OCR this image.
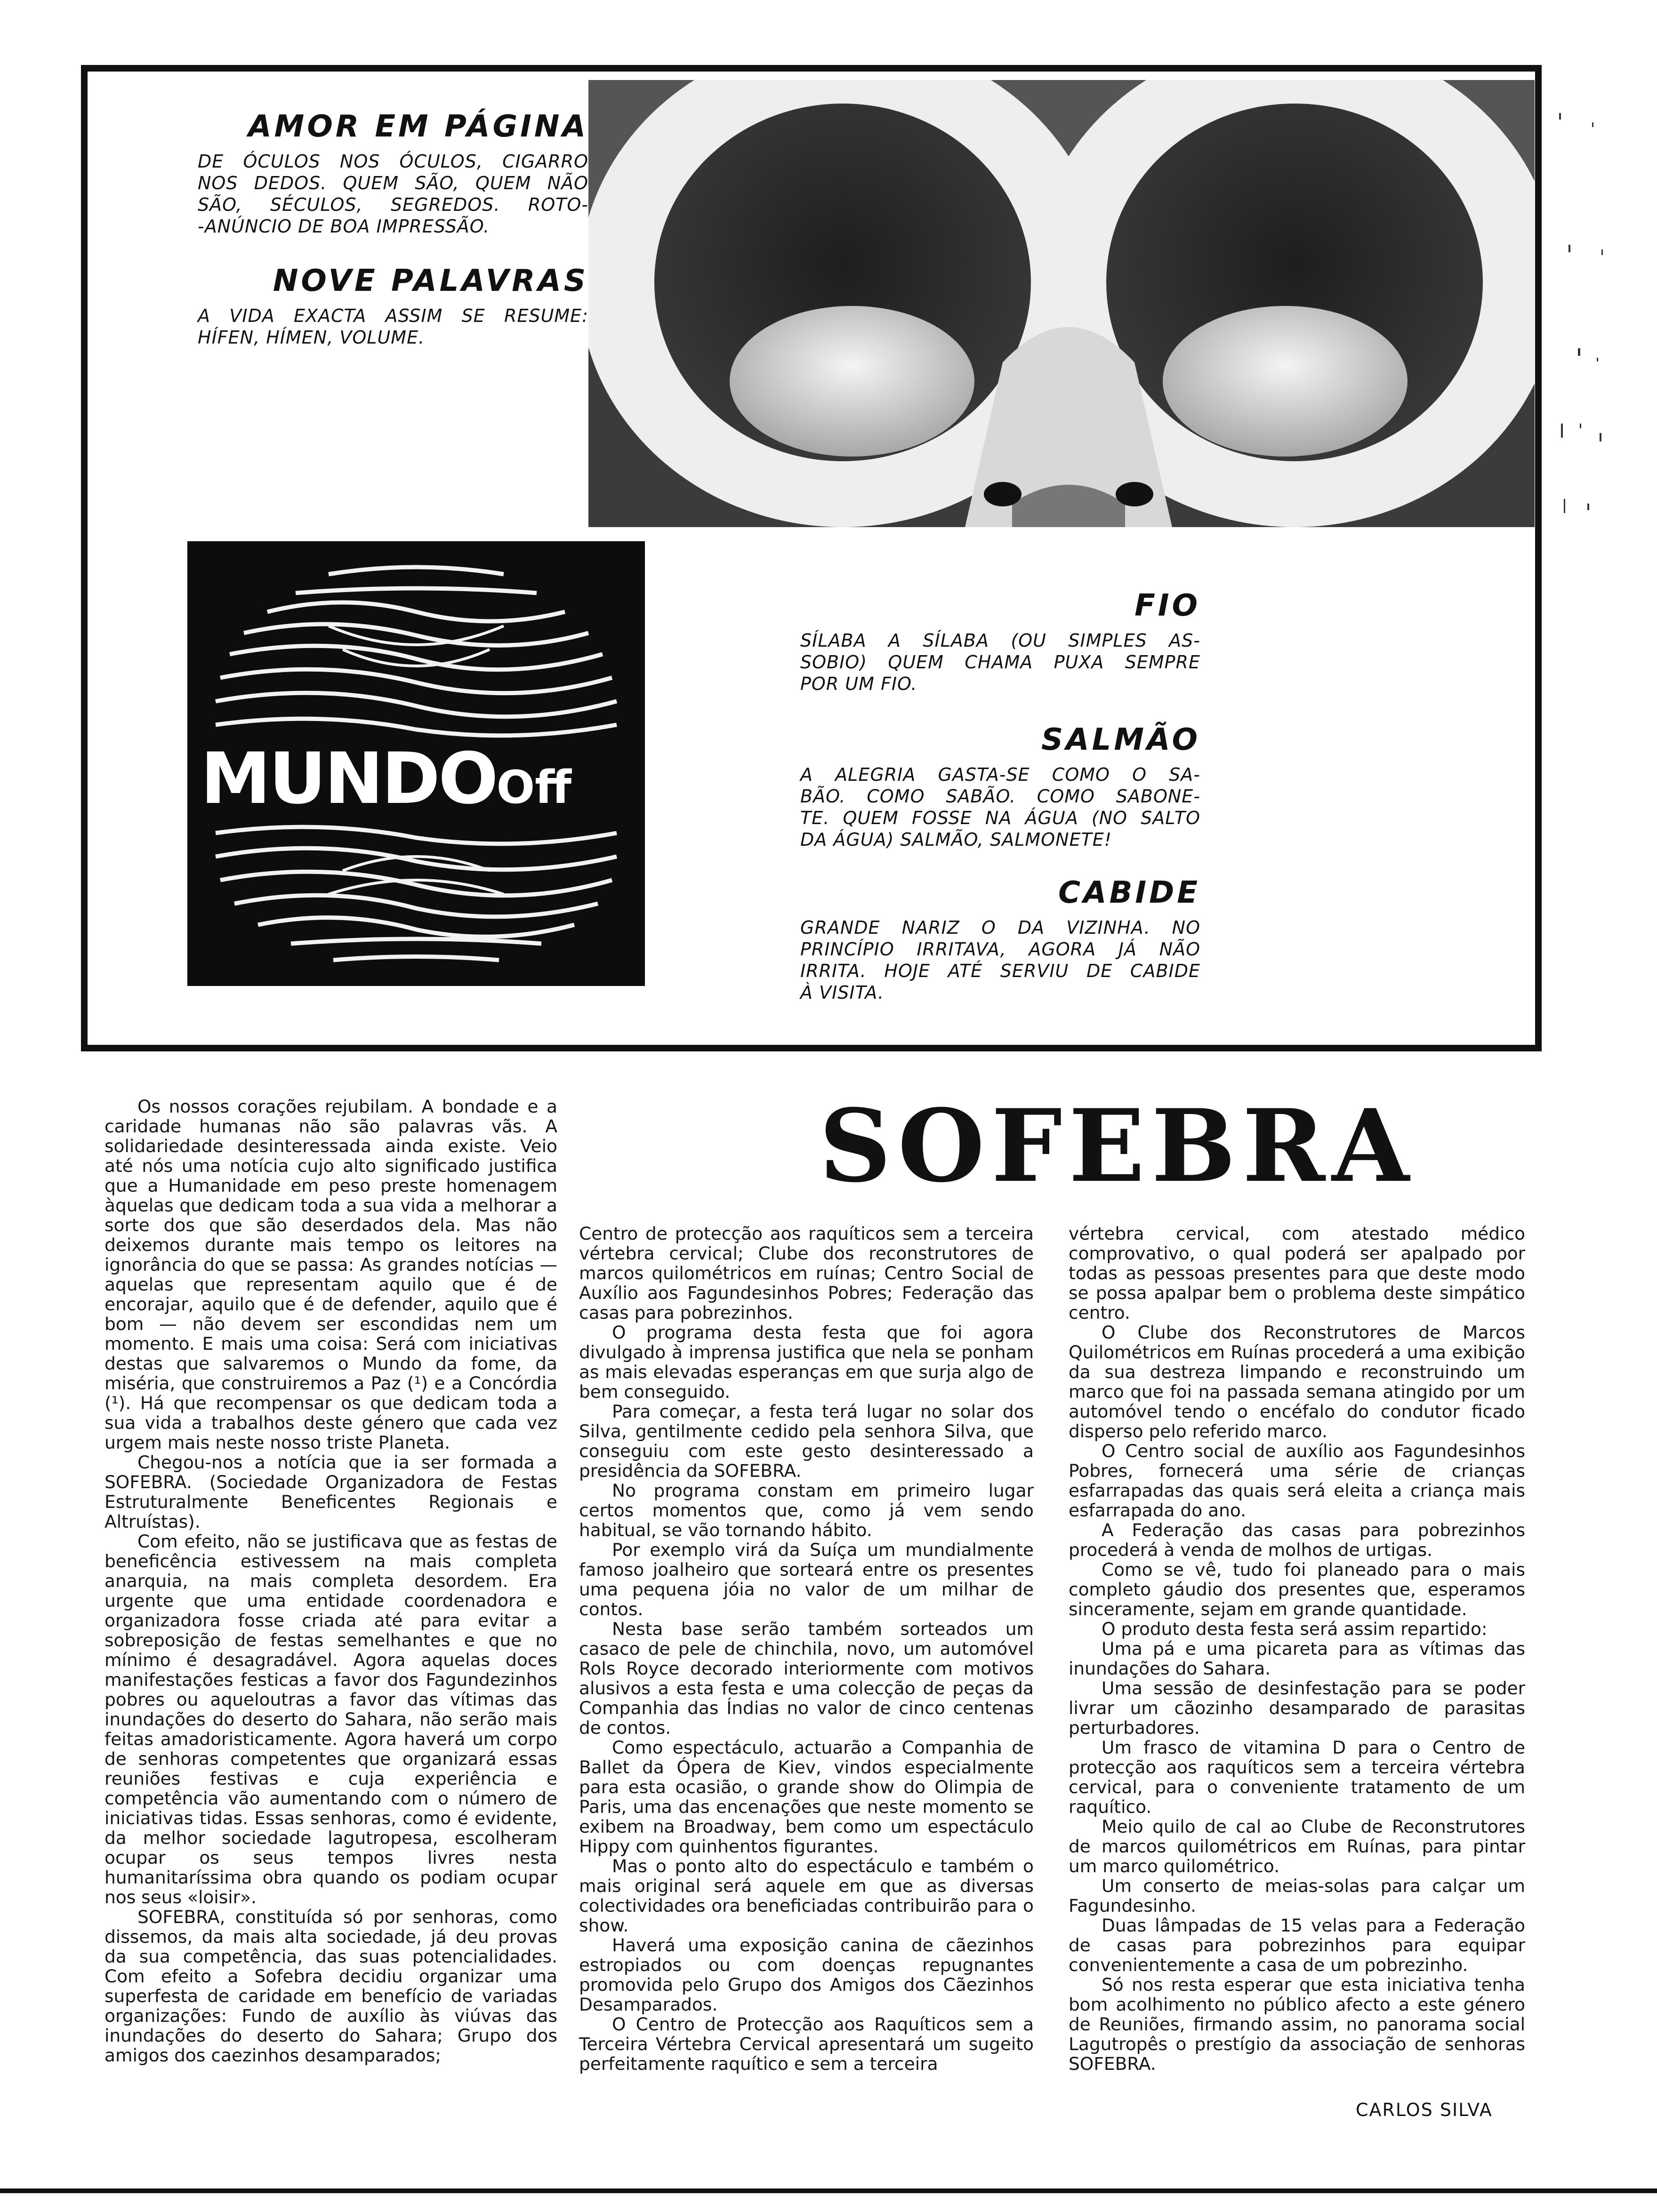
AMOR EM PÁGINA
DE ÓCULOS NOS ÓCULOS, CIGARRO
NOS DEDOS. QUEM SÃO, QUEM NÃO
SÃO, SÉCULOS, SEGREDOS. ROTO-
-ANÚNCIO DE BOA IMPRESSÃO.
NOVE PALAVRAS
A VIDA EXACTA ASSIM SE RESUME:
HÍFEN, HÍMEN, VOLUME.
MUNDOOff
FIO
SÍLABA A SÍLABA (OU SIMPLES AS-
SOBIO) QUEM CHAMA PUXA SEMPRE
POR UM FIO.
SALMÃO
A ALEGRIA GASTA-SE COMO O SA-
BÃO. COMO SABÃO. COMO SABONE-
TE. QUEM FOSSE NA ÁGUA (NO SALTO
DA ÁGUA) SALMÃO, SALMONETE!
CABIDE
GRANDE NARIZ O DA VIZINHA. NO
PRINCÍPIO IRRITAVA, AGORA JÁ NÃO
IRRITA. HOJE ATÉ SERVIU DE CABIDE
À VISITA.
SOFEBRA

Os nossos corações rejubilam. A bondade e a caridade humanas não são palavras vãs. A solidariedade desinteressada ainda existe. Veio até nós uma notícia cujo alto significado justifica que a Humanidade em peso preste homenagem àquelas que dedicam toda a sua vida a melhorar a sorte dos que são deserdados dela. Mas não deixemos durante mais tempo os leitores na ignorância do que se passa: As grandes notícias — aquelas que representam aquilo que é de encorajar, aquilo que é de defender, aquilo que é bom — não devem ser escondidas nem um momento. E mais uma coisa: Será com iniciativas destas que salvaremos o Mundo da fome, da miséria, que construiremos a Paz (¹) e a Concórdia (¹). Há que recompensar os que dedicam toda a sua vida a trabalhos deste género que cada vez urgem mais neste nosso triste Planeta.

Chegou-nos a notícia que ia ser formada a SOFEBRA. (Sociedade Organizadora de Festas Estruturalmente Beneficentes Regionais e Altruístas).

Com efeito, não se justificava que as festas de beneficência estivessem na mais completa anarquia, na mais completa desordem. Era urgente que uma entidade coordenadora e organizadora fosse criada até para evitar a sobreposição de festas semelhantes e que no mínimo é desagradável. Agora aquelas doces manifestações festicas a favor dos Fagundezinhos pobres ou aqueloutras a favor das vítimas das inundações do deserto do Sahara, não serão mais feitas amadoristicamente. Agora haverá um corpo de senhoras competentes que organizará essas reuniões festivas e cuja experiência e competência vão aumentando com o número de iniciativas tidas. Essas senhoras, como é evidente, da melhor sociedade lagutropesa, escolheram ocupar os seus tempos livres nesta humanitaríssima obra quando os podiam ocupar nos seus «loisir».

SOFEBRA, constituída só por senhoras, como dissemos, da mais alta sociedade, já deu provas da sua competência, das suas potencialidades. Com efeito a Sofebra decidiu organizar uma superfesta de caridade em benefício de variadas organizações: Fundo de auxílio às viúvas das inundações do deserto do Sahara; Grupo dos amigos dos caezinhos desamparados;

Centro de protecção aos raquíticos sem a terceira vértebra cervical; Clube dos reconstrutores de marcos quilométricos em ruínas; Centro Social de Auxílio aos Fagundesinhos Pobres; Federação das casas para pobrezinhos.

O programa desta festa que foi agora divulgado à imprensa justifica que nela se ponham as mais elevadas esperanças em que surja algo de bem conseguido.

Para começar, a festa terá lugar no solar dos Silva, gentilmente cedido pela senhora Silva, que conseguiu com este gesto desinteressado a presidência da SOFEBRA.

No programa constam em primeiro lugar certos momentos que, como já vem sendo habitual, se vão tornando hábito.

Por exemplo virá da Suíça um mundialmente famoso joalheiro que sorteará entre os presentes uma pequena jóia no valor de um milhar de contos.

Nesta base serão também sorteados um casaco de pele de chinchila, novo, um automóvel Rols Royce decorado interiormente com motivos alusivos a esta festa e uma colecção de peças da Companhia das Índias no valor de cinco centenas de contos.

Como espectáculo, actuarão a Companhia de Ballet da Ópera de Kiev, vindos especialmente para esta ocasião, o grande show do Olimpia de Paris, uma das encenações que neste momento se exibem na Broadway, bem como um espectáculo Hippy com quinhentos figurantes.

Mas o ponto alto do espectáculo e também o mais original será aquele em que as diversas colectividades ora beneficiadas contribuirão para o show.

Haverá uma exposição canina de cãezinhos estropiados ou com doenças repugnantes promovida pelo Grupo dos Amigos dos Cãezinhos Desamparados.

O Centro de Protecção aos Raquíticos sem a Terceira Vértebra Cervical apresentará um sugeito perfeitamente raquítico e sem a terceira

vértebra cervical, com atestado médico comprovativo, o qual poderá ser apalpado por todas as pessoas presentes para que deste modo se possa apalpar bem o problema deste simpático centro.

O Clube dos Reconstrutores de Marcos Quilométricos em Ruínas procederá a uma exibição da sua destreza limpando e reconstruindo um marco que foi na passada semana atingido por um automóvel tendo o encéfalo do condutor ficado disperso pelo referido marco.

O Centro social de auxílio aos Fagundesinhos Pobres, fornecerá uma série de crianças esfarrapadas das quais será eleita a criança mais esfarrapada do ano.

A Federação das casas para pobrezinhos procederá à venda de molhos de urtigas.

Como se vê, tudo foi planeado para o mais completo gáudio dos presentes que, esperamos sinceramente, sejam em grande quantidade.

O produto desta festa será assim repartido:

Uma pá e uma picareta para as vítimas das inundações do Sahara.

Uma sessão de desinfestação para se poder livrar um cãozinho desamparado de parasitas perturbadores.

Um frasco de vitamina D para o Centro de protecção aos raquíticos sem a terceira vértebra cervical, para o conveniente tratamento de um raquítico.

Meio quilo de cal ao Clube de Reconstrutores de marcos quilométricos em Ruínas, para pintar um marco quilométrico.

Um conserto de meias-solas para calçar um Fagundesinho.

Duas lâmpadas de 15 velas para a Federação de casas para pobrezinhos para equipar convenientemente a casa de um pobrezinho.

Só nos resta esperar que esta iniciativa tenha bom acolhimento no público afecto a este género de Reuniões, firmando assim, no panorama social Lagutropês o prestígio da associação de senhoras SOFEBRA.

CARLOS SILVA
